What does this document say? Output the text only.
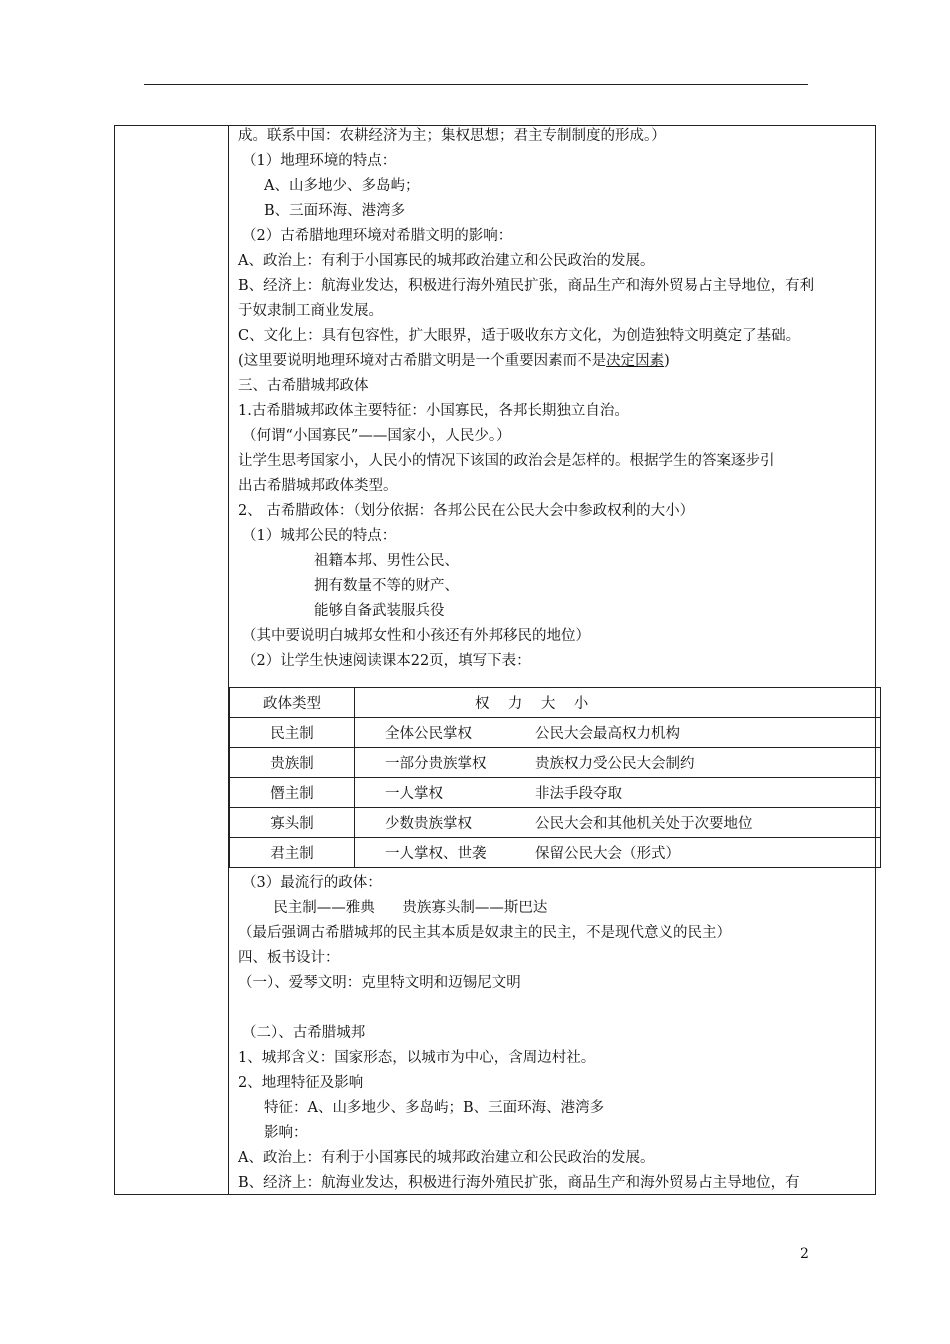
成。联系中国：农耕经济为主；集权思想；君主专制制度的形成。）
（1）地理环境的特点：
A、山多地少、多岛屿；
B、三面环海、港湾多
（2）古希腊地理环境对希腊文明的影响：
A、政治上：有利于小国寡民的城邦政治建立和公民政治的发展。
B、经济上：航海业发达，积极进行海外殖民扩张，商品生产和海外贸易占主导地位，有利
于奴隶制工商业发展。
C、文化上：具有包容性，扩大眼界，适于吸收东方文化，为创造独特文明奠定了基础。
(这里要说明地理环境对古希腊文明是一个重要因素而不是决定因素)
三、古希腊城邦政体
1.古希腊城邦政体主要特征：小国寡民，各邦长期独立自治。
（何谓“小国寡民”——国家小，人民少。）
让学生思考国家小，人民小的情况下该国的政治会是怎样的。根据学生的答案逐步引
出古希腊城邦政体类型。
2、 古希腊政体：（划分依据：各邦公民在公民大会中参政权利的大小）
（1）城邦公民的特点：
祖籍本邦、男性公民、
拥有数量不等的财产、
能够自备武装服兵役
（其中要说明白城邦女性和小孩还有外邦移民的地位）
（2）让学生快速阅读课本22页，填写下表：
政体类型	权    力    大    小
民主制	全体公民掌权 公民大会最高权力机构
贵族制	一部分贵族掌权 贵族权力受公民大会制约
僭主制	一人掌权 非法手段夺取
寡头制	少数贵族掌权 公民大会和其他机关处于次要地位
君主制	一人掌权、世袭 保留公民大会（形式）
（3）最流行的政体：
民主制——雅典      贵族寡头制——斯巴达
（最后强调古希腊城邦的民主其本质是奴隶主的民主，不是现代意义的民主）
四、板书设计：
（一）、爱琴文明：克里特文明和迈锡尼文明
（二）、古希腊城邦
1、城邦含义：国家形态，以城市为中心，含周边村社。
2、地理特征及影响
特征：A、山多地少、多岛屿；B、三面环海、港湾多
影响：
A、政治上：有利于小国寡民的城邦政治建立和公民政治的发展。
B、经济上：航海业发达，积极进行海外殖民扩张，商品生产和海外贸易占主导地位，有
2
